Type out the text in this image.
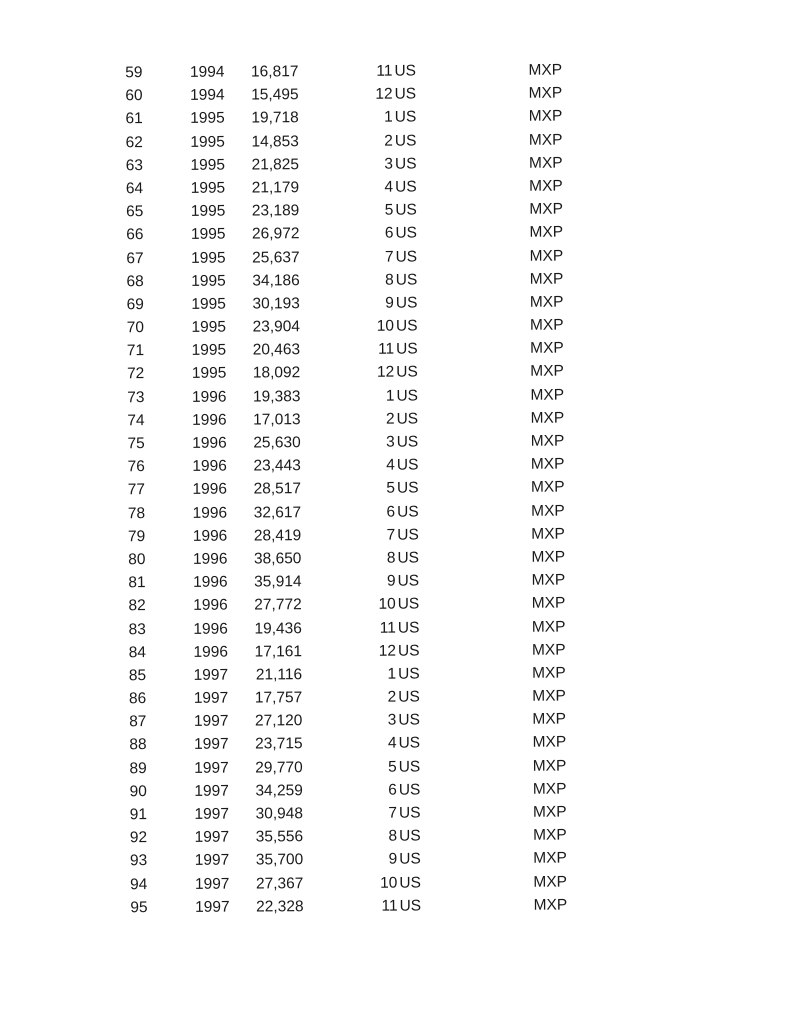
59	1994	16,817	11 US	MXP
60	1994	15,495	12 US	MXP
61	1995	19,718	1 US	MXP
62	1995	14,853	2 US	MXP
63	1995	21,825	3 US	MXP
64	1995	21,179	4 US	MXP
65	1995	23,189	5 US	MXP
66	1995	26,972	6 US	MXP
67	1995	25,637	7 US	MXP
68	1995	34,186	8 US	MXP
69	1995	30,193	9 US	MXP
70	1995	23,904	10 US	MXP
71	1995	20,463	11 US	MXP
72	1995	18,092	12 US	MXP
73	1996	19,383	1 US	MXP
74	1996	17,013	2 US	MXP
75	1996	25,630	3 US	MXP
76	1996	23,443	4 US	MXP
77	1996	28,517	5 US	MXP
78	1996	32,617	6 US	MXP
79	1996	28,419	7 US	MXP
80	1996	38,650	8 US	MXP
81	1996	35,914	9 US	MXP
82	1996	27,772	10 US	MXP
83	1996	19,436	11 US	MXP
84	1996	17,161	12 US	MXP
85	1997	21,116	1 US	MXP
86	1997	17,757	2 US	MXP
87	1997	27,120	3 US	MXP
88	1997	23,715	4 US	MXP
89	1997	29,770	5 US	MXP
90	1997	34,259	6 US	MXP
91	1997	30,948	7 US	MXP
92	1997	35,556	8 US	MXP
93	1997	35,700	9 US	MXP
94	1997	27,367	10 US	MXP
95	1997	22,328	11 US	MXP
